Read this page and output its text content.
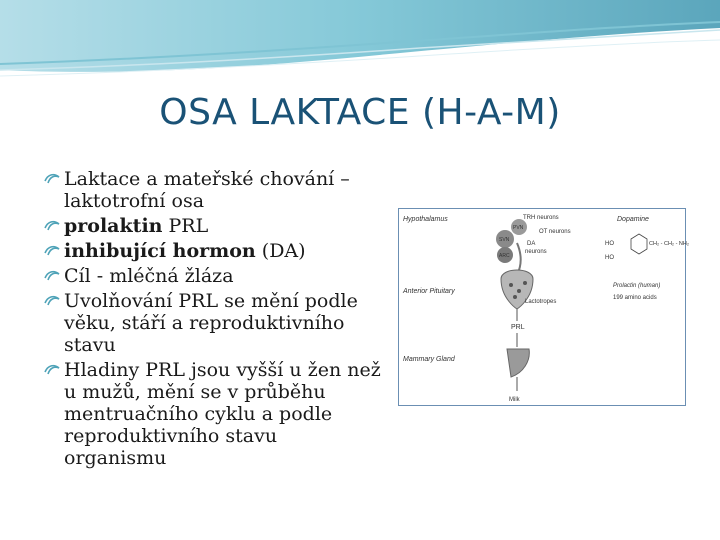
OSA LAKTACE (H-A-M)
Laktace a mateřské chování – laktotrofní osa
prolaktin PRL
inhibující hormon (DA)
Cíl - mléčná žláza
Uvolňování PRL se mění podle věku, stáří a reproduktivního stavu
Hladiny PRL jsou vyšší u žen než u mužů, mění se v průběhu mentruačního cyklu a podle reproduktivního stavu organismu
Hypothalamus
Anterior Pituitary
Mammary Gland
SVN
PVN
ARC
TRH neurons
OT neurons
DA
neurons
Lactotropes
PRL
Milk
Dopamine
HO
HO
CH₂ - CH₂ - NH₂
Prolactin (human)
199 amino acids
